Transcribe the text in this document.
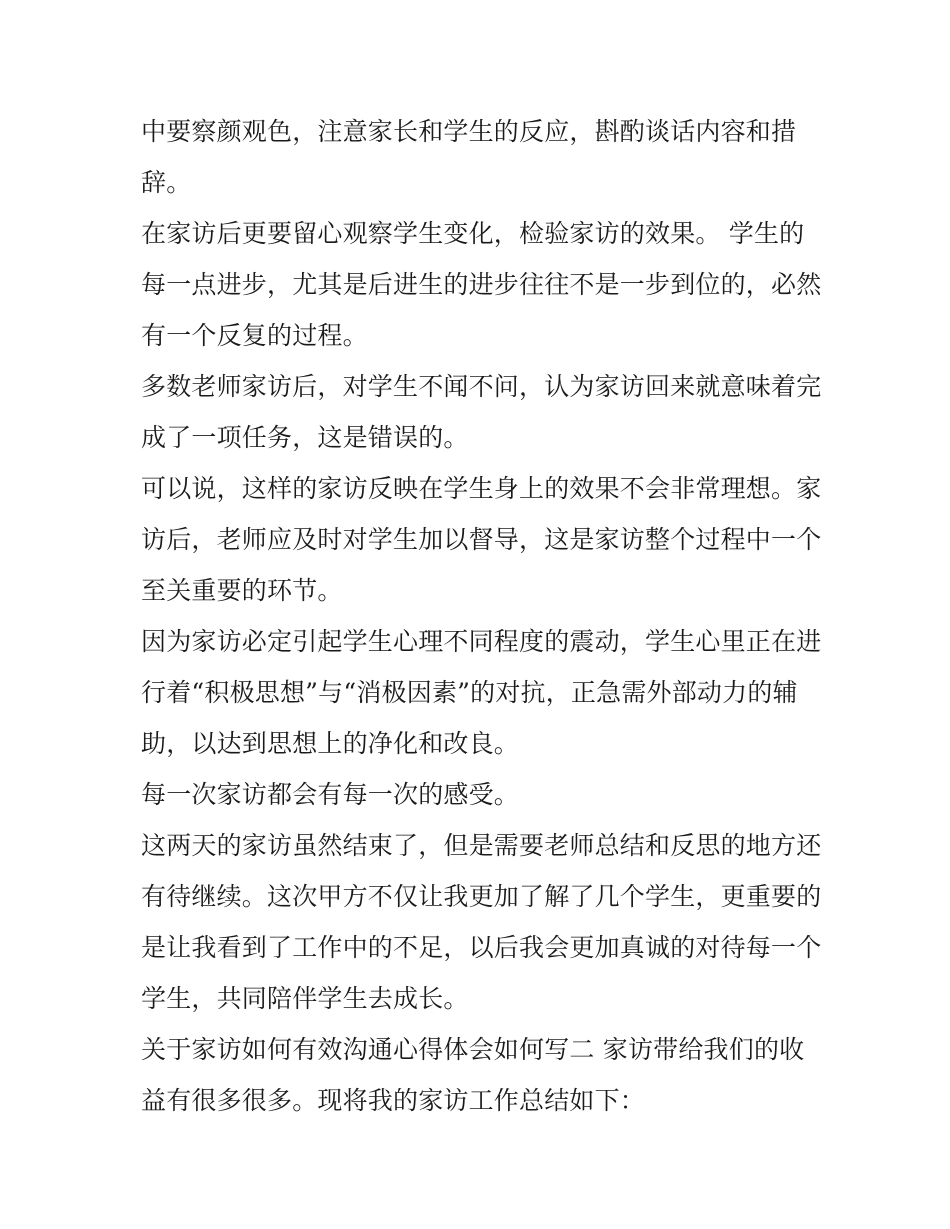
中要察颜观色，注意家长和学生的反应，斟酌谈话内容和措
辞。
在家访后更要留心观察学生变化，检验家访的效果。 学生的
每一点进步，尤其是后进生的进步往往不是一步到位的，必然
有一个反复的过程。
多数老师家访后，对学生不闻不问，认为家访回来就意味着完
成了一项任务，这是错误的。
可以说，这样的家访反映在学生身上的效果不会非常理想。家
访后，老师应及时对学生加以督导，这是家访整个过程中一个
至关重要的环节。
因为家访必定引起学生心理不同程度的震动，学生心里正在进
行着“积极思想”与“消极因素”的对抗，正急需外部动力的辅
助，以达到思想上的净化和改良。
每一次家访都会有每一次的感受。
这两天的家访虽然结束了，但是需要老师总结和反思的地方还
有待继续。这次甲方不仅让我更加了解了几个学生，更重要的
是让我看到了工作中的不足，以后我会更加真诚的对待每一个
学生，共同陪伴学生去成长。
关于家访如何有效沟通心得体会如何写二 家访带给我们的收
益有很多很多。现将我的家访工作总结如下：
